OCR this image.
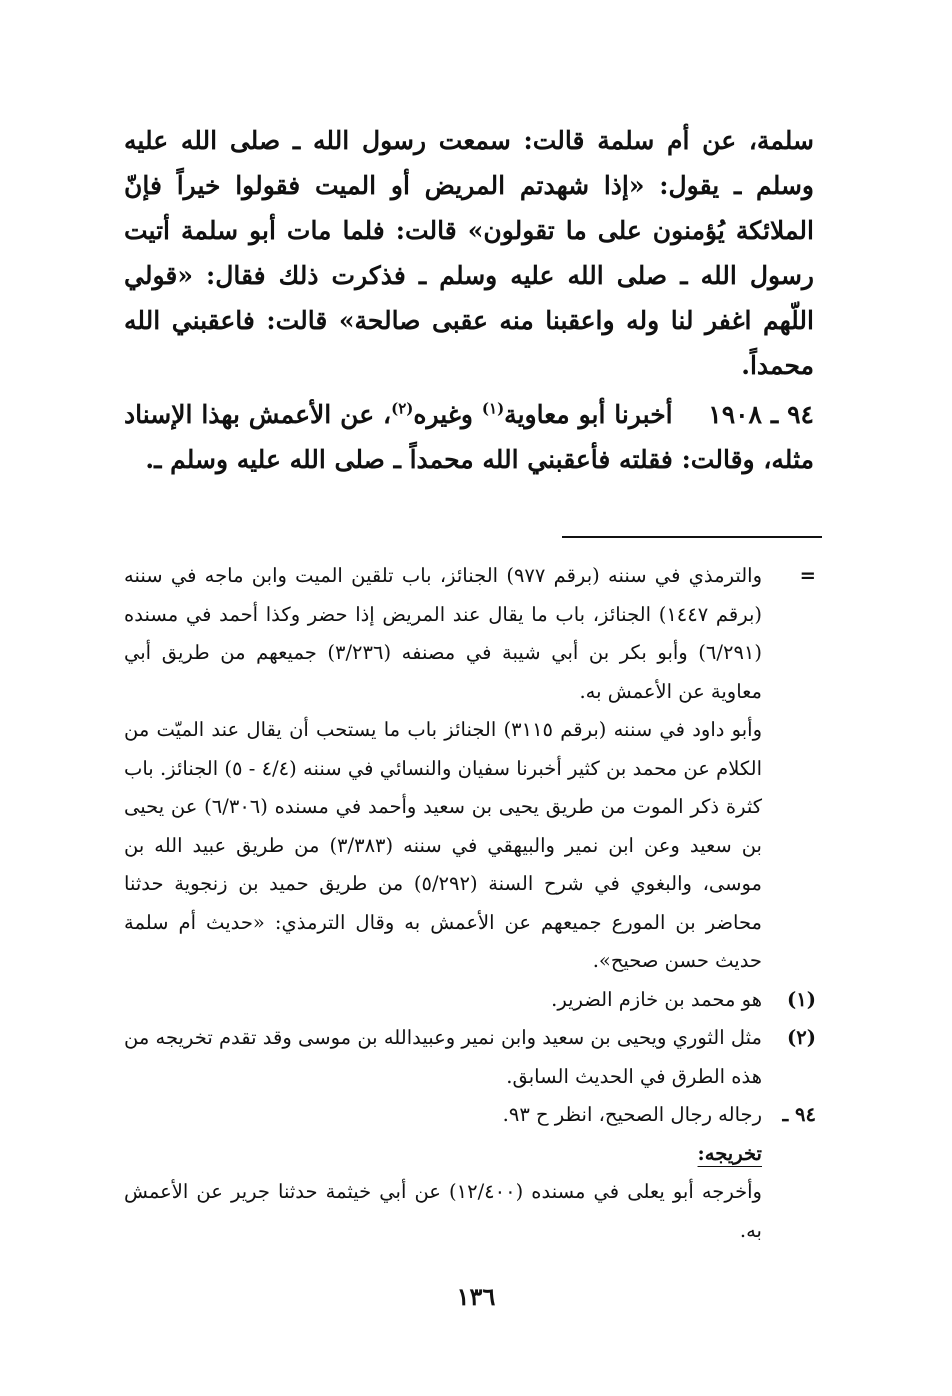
سلمة، عن أم سلمة قالت: سمعت رسول الله ـ صلى الله عليه وسلم ـ يقول: «إذا شهدتم المريض أو الميت فقولوا خيراً فإنّ الملائكة يُؤمنون على ما تقولون» قالت: فلما مات أبو سلمة أتيت رسول الله ـ صلى الله عليه وسلم ـ فذكرت ذلك فقال: «قولي اللّهم اغفر لنا وله واعقبنا منه عقبى صالحة» قالت: فاعقبني الله محمداً.

٩٤ ـ ١٩٠٨    أخبرنا أبو معاوية$^{(١)}$ وغيره$^{(٢)}$، عن الأعمش بهذا الإسناد مثله، وقالت: فقلته فأعقبني الله محمداً ـ صلى الله عليه وسلم ـ.

=
والترمذي في سننه (برقم ٩٧٧) الجنائز، باب تلقين الميت وابن ماجه في سننه (برقم ١٤٤٧) الجنائز، باب ما يقال عند المريض إذا حضر وكذا أحمد في مسنده (٦/٢٩١) وأبو بكر بن أبي شيبة في مصنفه (٣/٢٣٦) جميعهم من طريق أبي معاوية عن الأعمش به.
وأبو داود في سننه (برقم ٣١١٥) الجنائز باب ما يستحب أن يقال عند الميّت من الكلام عن محمد بن كثير أخبرنا سفيان والنسائي في سننه (٤/٤ - ٥) الجنائز. باب كثرة ذكر الموت من طريق يحيى بن سعيد وأحمد في مسنده (٦/٣٠٦) عن يحيى بن سعيد وعن ابن نمير والبيهقي في سننه (٣/٣٨٣) من طريق عبيد الله بن موسى، والبغوي في شرح السنة (٥/٢٩٢) من طريق حميد بن زنجوية حدثنا محاضر بن المورع جميعهم عن الأعمش به وقال الترمذي: «حديث أم سلمة حديث حسن صحيح».
(١)
هو محمد بن خازم الضرير.
(٢)
مثل الثوري ويحيى بن سعيد وابن نمير وعبيدالله بن موسى وقد تقدم تخريجه من هذه الطرق في الحديث السابق.
٩٤ ـ
رجاله رجال الصحيح، انظر ح ٩٣.
تخريجه:
وأخرجه أبو يعلى في مسنده (١٢/٤٠٠) عن أبي خيثمة حدثنا جرير عن الأعمش به.
١٣٦
